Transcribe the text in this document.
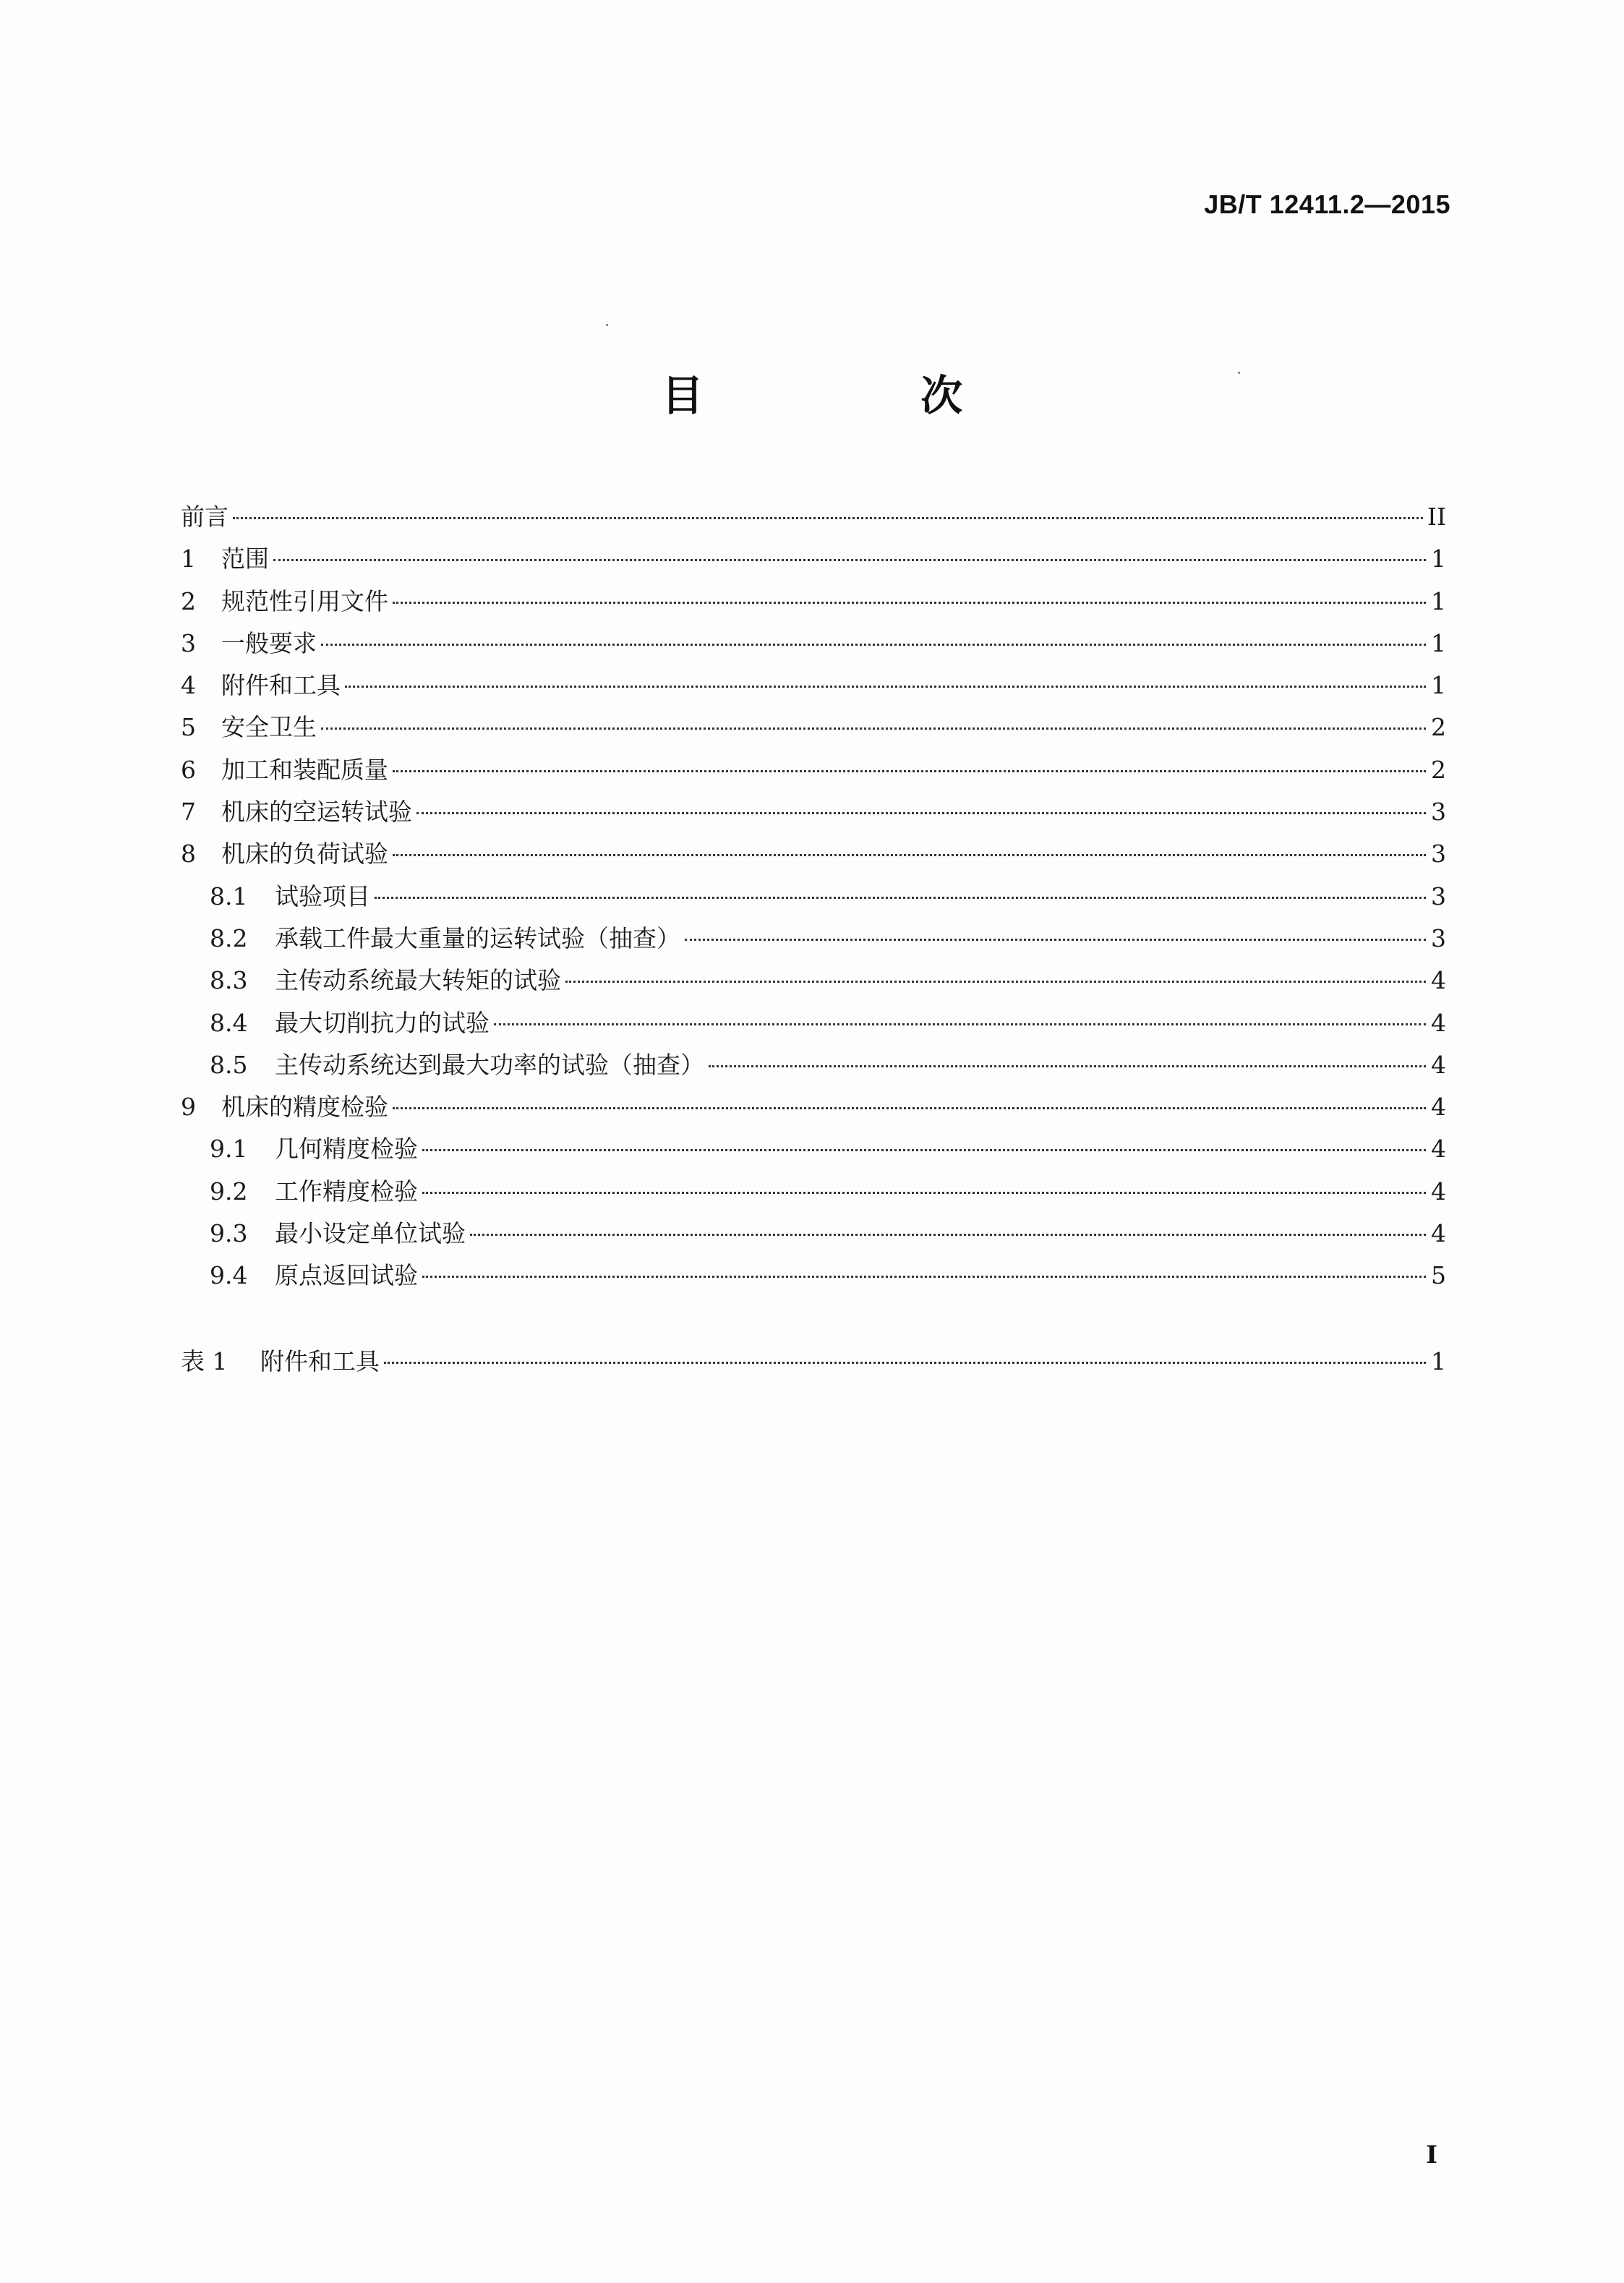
JB/T 12411.2—2015
目 次
前言	II
1	范围	1
2	规范性引用文件	1
3	一般要求	1
4	附件和工具	1
5	安全卫生	2
6	加工和装配质量	2
7	机床的空运转试验	3
8	机床的负荷试验	3
8.1	试验项目	3
8.2	承载工件最大重量的运转试验（抽查）	3
8.3	主传动系统最大转矩的试验	4
8.4	最大切削抗力的试验	4
8.5	主传动系统达到最大功率的试验（抽查）	4
9	机床的精度检验	4
9.1	几何精度检验	4
9.2	工作精度检验	4
9.3	最小设定单位试验	4
9.4	原点返回试验	5
表 1	附件和工具	1
I
